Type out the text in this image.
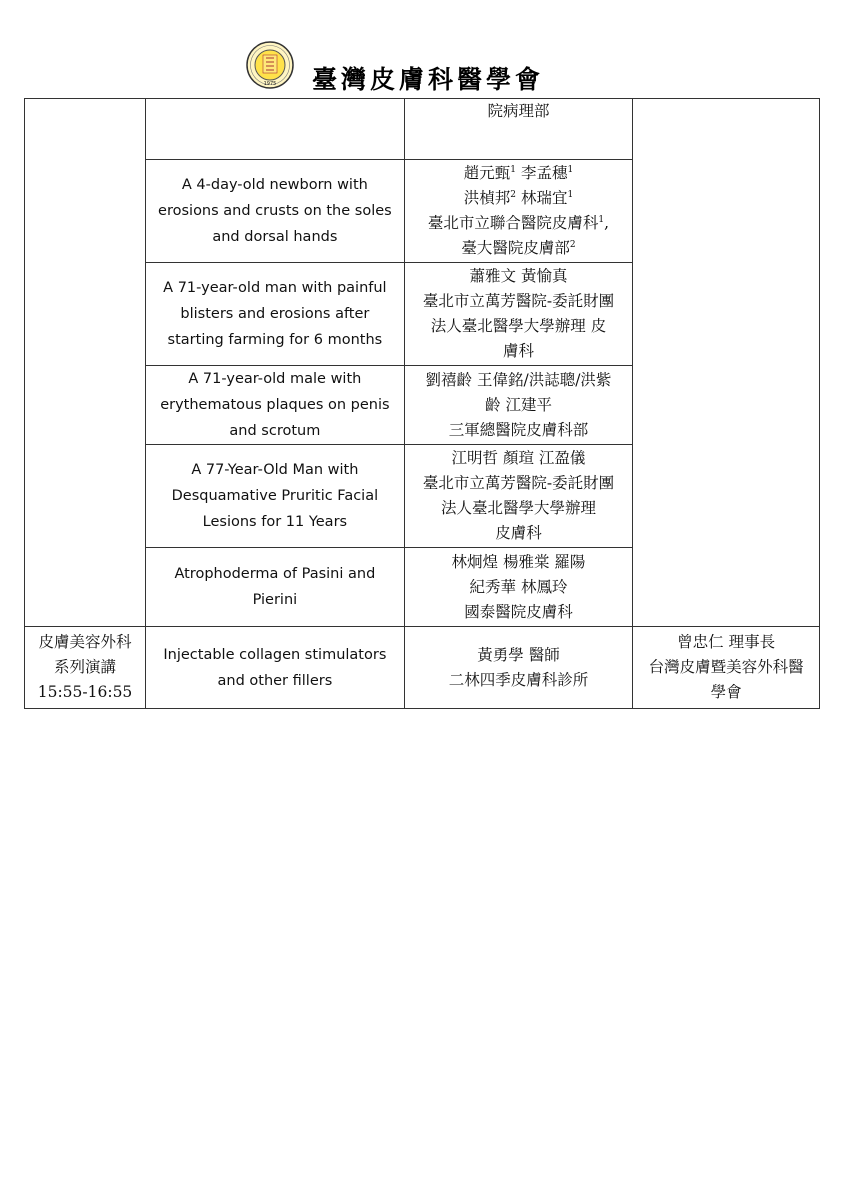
1975 臺灣皮膚科醫學會

		院病理部	

	A 4-day-old newborn with erosions and crusts on the soles and dorsal hands	趙元甄$^1$ 李孟穗$^1$
洪楨邦$^2$ 林瑞宜$^1$
臺北市立聯合醫院皮膚科$^1$,
臺大醫院皮膚部$^2$

	A 71-year-old man with painful blisters and erosions after starting farming for 6 months	蕭雅文 黃愉真
臺北市立萬芳醫院-委託財團
法人臺北醫學大學辦理 皮
膚科	

	A 71-year-old male with erythematous plaques on penis and scrotum	劉禧齡 王偉銘/洪誌聰/洪紫
齡 江建平
三軍總醫院皮膚科部	

	A 77-Year-Old Man with Desquamative Pruritic Facial Lesions for 11 Years	江明哲 顏瑄 江盈儀
臺北市立萬芳醫院-委託財團
法人臺北醫學大學辦理
皮膚科	

	Atrophoderma of Pasini and Pierini	林炯煌 楊雅棠 羅陽
紀秀華 林鳳玲
國泰醫院皮膚科	

皮膚美容外科
系列演講
15:55-16:55	Injectable collagen stimulators and other fillers	黃勇學 醫師
二林四季皮膚科診所	曾忠仁 理事長
台灣皮膚暨美容外科醫
學會
